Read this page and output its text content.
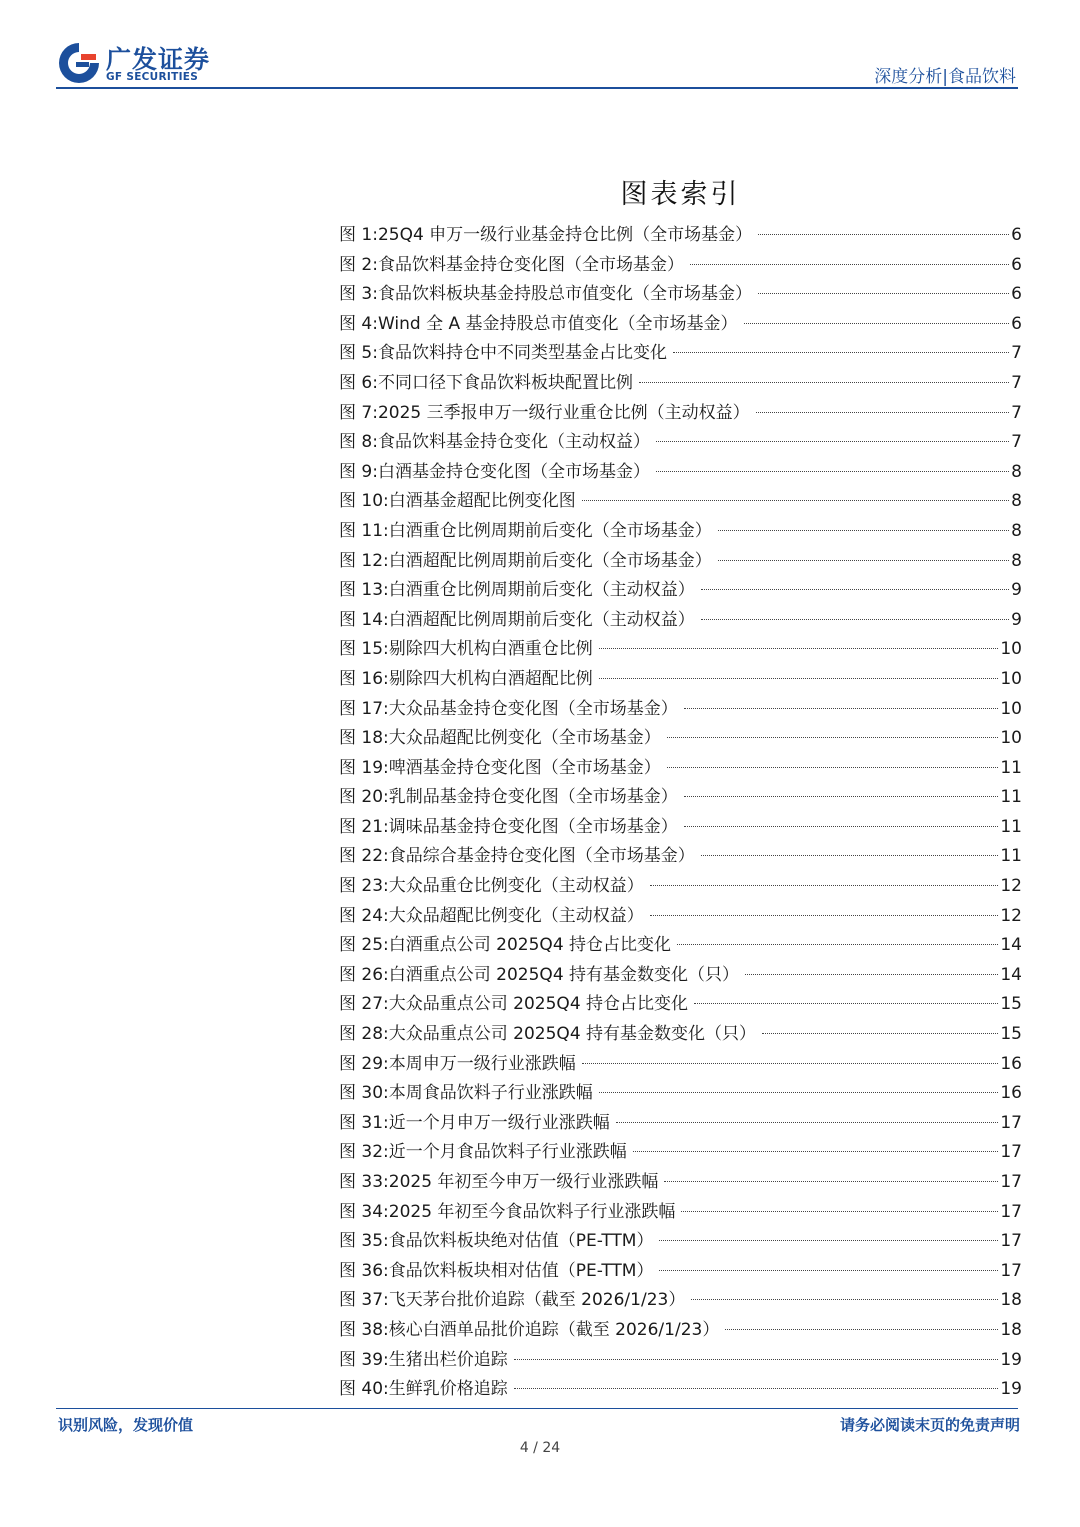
广发证券
GF SECURITIES	深度分析|食品饮料
图表索引
图 1: 25Q4 申万一级行业基金持仓比例（全市场基金）	6
图 2: 食品饮料基金持仓变化图（全市场基金）	6
图 3: 食品饮料板块基金持股总市值变化（全市场基金）	6
图 4: Wind 全 A 基金持股总市值变化（全市场基金）	6
图 5: 食品饮料持仓中不同类型基金占比变化	7
图 6: 不同口径下食品饮料板块配置比例	7
图 7: 2025 三季报申万一级行业重仓比例（主动权益）	7
图 8: 食品饮料基金持仓变化（主动权益）	7
图 9: 白酒基金持仓变化图（全市场基金）	8
图 10: 白酒基金超配比例变化图	8
图 11: 白酒重仓比例周期前后变化（全市场基金）	8
图 12: 白酒超配比例周期前后变化（全市场基金）	8
图 13: 白酒重仓比例周期前后变化（主动权益）	9
图 14: 白酒超配比例周期前后变化（主动权益）	9
图 15: 剔除四大机构白酒重仓比例	10
图 16: 剔除四大机构白酒超配比例	10
图 17: 大众品基金持仓变化图（全市场基金）	10
图 18: 大众品超配比例变化（全市场基金）	10
图 19: 啤酒基金持仓变化图（全市场基金）	11
图 20: 乳制品基金持仓变化图（全市场基金）	11
图 21: 调味品基金持仓变化图（全市场基金）	11
图 22: 食品综合基金持仓变化图（全市场基金）	11
图 23: 大众品重仓比例变化（主动权益）	12
图 24: 大众品超配比例变化（主动权益）	12
图 25: 白酒重点公司 2025Q4 持仓占比变化	14
图 26: 白酒重点公司 2025Q4 持有基金数变化（只）	14
图 27: 大众品重点公司 2025Q4 持仓占比变化	15
图 28: 大众品重点公司 2025Q4 持有基金数变化（只）	15
图 29: 本周申万一级行业涨跌幅	16
图 30: 本周食品饮料子行业涨跌幅	16
图 31: 近一个月申万一级行业涨跌幅	17
图 32: 近一个月食品饮料子行业涨跌幅	17
图 33: 2025 年初至今申万一级行业涨跌幅	17
图 34: 2025 年初至今食品饮料子行业涨跌幅	17
图 35: 食品饮料板块绝对估值（PE-TTM）	17
图 36: 食品饮料板块相对估值（PE-TTM）	17
图 37: 飞天茅台批价追踪（截至 2026/1/23）	18
图 38: 核心白酒单品批价追踪（截至 2026/1/23）	18
图 39: 生猪出栏价追踪	19
图 40: 生鲜乳价格追踪	19
识别风险，发现价值	请务必阅读末页的免责声明
4 / 24
